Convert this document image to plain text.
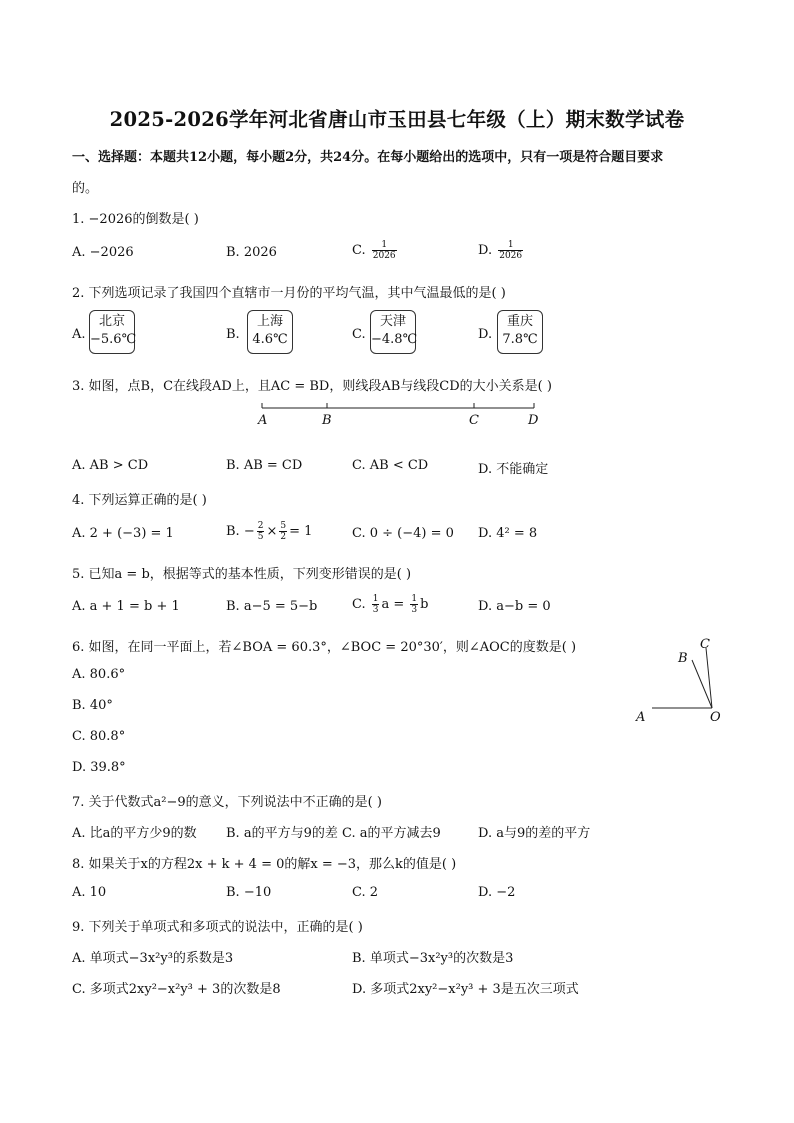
2025-2026学年河北省唐山市玉田县七年级（上）期末数学试卷
一、选择题：本题共12小题，每小题2分，共24分。在每小题给出的选项中，只有一项是符合题目要求
的。
1. −2026的倒数是( )
A. −2026	B. 2026	C. $\frac{1}{2026}$	D. $\frac{1}{2026}$
2. 下列选项记录了我国四个直辖市一月份的平均气温，其中气温最低的是( )
A.
北京
−5.6℃	B.
上海
4.6℃	C.
天津
−4.8℃	D.
重庆
7.8℃
3. 如图，点B，C在线段AD上，且AC = BD，则线段AB与线段CD的大小关系是( )
A	B	C	D
A. AB > CD	B. AB = CD	C. AB < CD	D. 不能确定
4. 下列运算正确的是( )
A. 2 + (−3) = 1	B. − $\frac{2}{5} \times \frac{5}{2} = 1$	C. 0 ÷ (−4) = 0 D. 4² = 8
5. 已知a = b，根据等式的基本性质，下列变形错误的是( )
A. a + 1 = b + 1	B. a−5 = 5−b	C. $\frac{1}{3}$ $a = \frac{1}{3}$ b	D. a−b = 0
6. 如图，在同一平面上，若∠BOA = 60.3°，∠BOC = 20°30′，则∠AOC的度数是( )
A. 80.6°
B. 40°
C. 80.8°
D. 39.8°
A	O
B
C
7. 关于代数式a²−9的意义，下列说法中不正确的是( )
A. 比a的平方少9的数 B. a的平方与9的差 C. a的平方减去9	D. a与9的差的平方
8. 如果关于x的方程2x + k + 4 = 0的解x = −3，那么k的值是( )
A. 10	B. −10	C. 2	D. −2
9. 下列关于单项式和多项式的说法中，正确的是( )
A. 单项式−3x²y³的系数是3	B. 单项式−3x²y³的次数是3
C. 多项式2xy²−x²y³ + 3的次数是8	D. 多项式2xy²−x²y³ + 3是五次三项式
